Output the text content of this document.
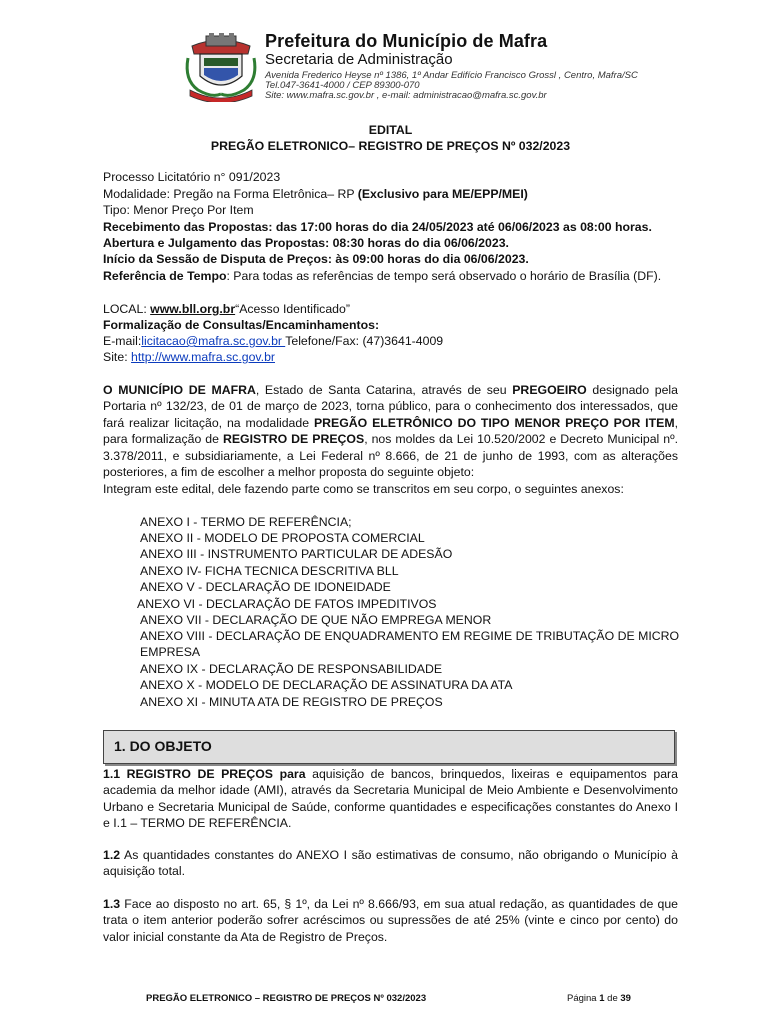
Prefeitura do Município de Mafra
Secretaria de Administração
Avenida Frederico Heyse nº 1386, 1º Andar Edifício Francisco Grossl , Centro, Mafra/SC
Tel.047-3641-4000 / CEP 89300-070
Site: www.mafra.sc.gov.br , e-mail: administracao@mafra.sc.gov.br
EDITAL
PREGÃO ELETRONICO– REGISTRO DE PREÇOS Nº 032/2023
Processo Licitatório n° 091/2023
Modalidade: Pregão na Forma Eletrônica– RP (Exclusivo para ME/EPP/MEI)
Tipo: Menor Preço Por Item
Recebimento das Propostas: das 17:00 horas do dia 24/05/2023 até 06/06/2023 as 08:00 horas.
Abertura e Julgamento das Propostas: 08:30 horas do dia 06/06/2023.
Início da Sessão de Disputa de Preços: às 09:00 horas do dia 06/06/2023.
Referência de Tempo: Para todas as referências de tempo será observado o horário de Brasília (DF).
LOCAL: www.bll.org.br“Acesso Identificado”
Formalização de Consultas/Encaminhamentos:
E-mail:licitacao@mafra.sc.gov.br Telefone/Fax: (47)3641-4009
Site: http://www.mafra.sc.gov.br
O MUNICÍPIO DE MAFRA, Estado de Santa Catarina, através de seu PREGOEIRO designado pela Portaria nº 132/23, de 01 de março de 2023, torna público, para o conhecimento dos interessados, que fará realizar licitação, na modalidade PREGÃO ELETRÔNICO DO TIPO MENOR PREÇO POR ITEM, para formalização de REGISTRO DE PREÇOS, nos moldes da Lei 10.520/2002 e Decreto Municipal nº. 3.378/2011, e subsidiariamente, a Lei Federal nº 8.666, de 21 de junho de 1993, com as alterações posteriores, a fim de escolher a melhor proposta do seguinte objeto:
Integram este edital, dele fazendo parte como se transcritos em seu corpo, o seguintes anexos:
ANEXO I - TERMO DE REFERÊNCIA;
ANEXO II - MODELO DE PROPOSTA COMERCIAL
ANEXO III - INSTRUMENTO PARTICULAR DE ADESÃO
ANEXO IV- FICHA TECNICA DESCRITIVA BLL
ANEXO V - DECLARAÇÃO DE IDONEIDADE
ANEXO VI - DECLARAÇÃO DE FATOS IMPEDITIVOS
ANEXO VII - DECLARAÇÃO DE QUE NÃO EMPREGA MENOR
ANEXO VIII - DECLARAÇÃO DE ENQUADRAMENTO EM REGIME DE TRIBUTAÇÃO DE MICRO
EMPRESA
ANEXO IX - DECLARAÇÃO DE RESPONSABILIDADE
ANEXO X - MODELO DE DECLARAÇÃO DE ASSINATURA DA ATA
ANEXO XI - MINUTA ATA DE REGISTRO DE PREÇOS
1. DO OBJETO
1.1 REGISTRO DE PREÇOS para aquisição de bancos, brinquedos, lixeiras e equipamentos para academia da melhor idade (AMI), através da Secretaria Municipal de Meio Ambiente e Desenvolvimento Urbano e Secretaria Municipal de Saúde, conforme quantidades e especificações constantes do Anexo I e I.1 – TERMO DE REFERÊNCIA.
1.2 As quantidades constantes do ANEXO I são estimativas de consumo, não obrigando o Município à aquisição total.
1.3 Face ao disposto no art. 65, § 1º, da Lei nº 8.666/93, em sua atual redação, as quantidades de que trata o item anterior poderão sofrer acréscimos ou supressões de até 25% (vinte e cinco por cento) do valor inicial constante da Ata de Registro de Preços.
PREGÃO ELETRONICO – REGISTRO DE PREÇOS Nº 032/2023	Página 1 de 39
